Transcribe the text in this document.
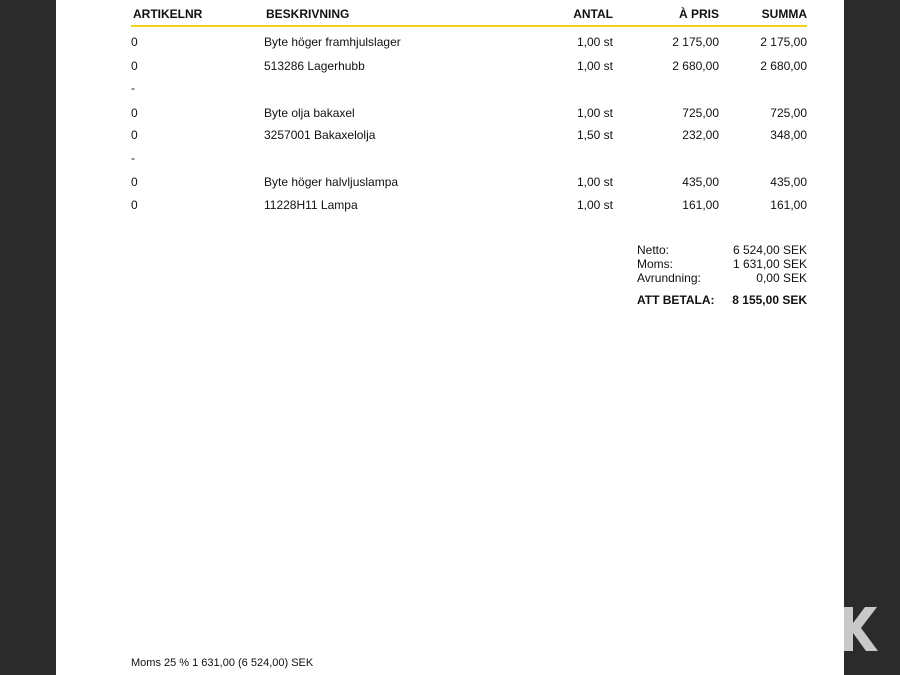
ARTIKELNR	BESKRIVNING	ANTAL	À PRIS	SUMMA
0	Byte höger framhjulslager	1,00 st	2 175,00	2 175,00
0	513286 Lagerhubb	1,00 st	2 680,00	2 680,00
-
0	Byte olja bakaxel	1,00 st	725,00	725,00
0	3257001 Bakaxelolja	1,50 st	232,00	348,00
-
0	Byte höger halvljuslampa	1,00 st	435,00	435,00
0	11228H11 Lampa	1,00 st	161,00	161,00
Netto:	6 524,00 SEK
Moms:	1 631,00 SEK
Avrundning:	0,00 SEK
ATT BETALA: 8 155,00 SEK
Moms 25 % 1 631,00 (6 524,00) SEK
